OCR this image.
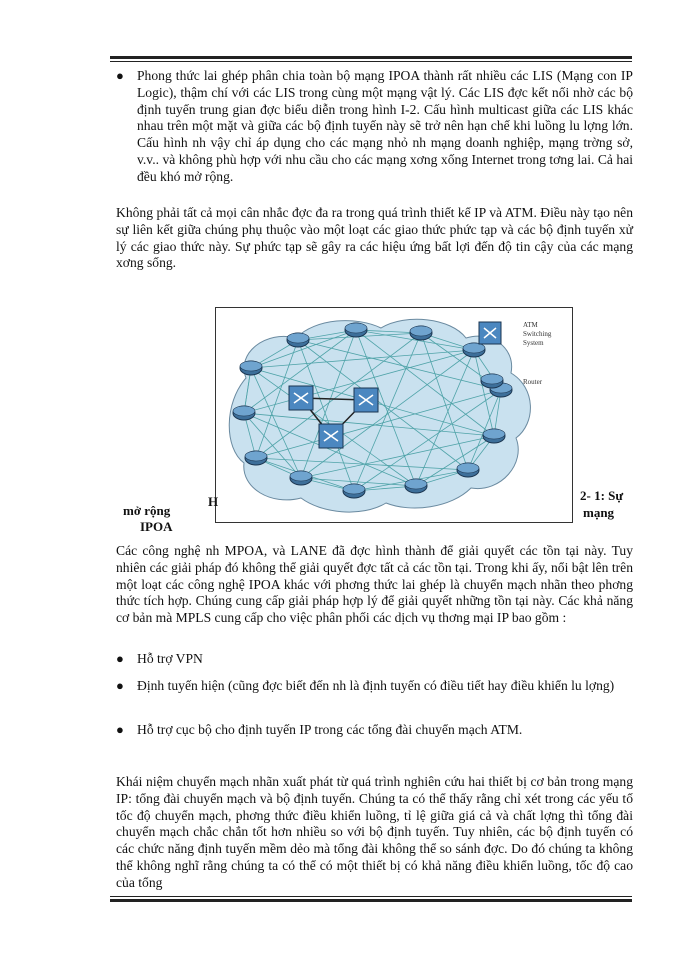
● Phong thức lai ghép phân chia toàn bộ mạng IPOA thành rất nhiều các LIS (Mạng con IP Logic), thậm chí với các LIS trong cùng một mạng vật lý. Các LIS đợc kết nối nhờ các bộ định tuyến trung gian đợc biểu diễn trong hình I-2. Cấu hình multicast giữa các LIS khác nhau trên một mặt và giữa các bộ định tuyến này sẽ trở nên hạn chế khi luồng lu lợng lớn. Cấu hình nh vậy chỉ áp dụng cho các mạng nhỏ nh mạng doanh nghiệp, mạng trờng sở, v.v.. và không phù hợp với nhu cầu cho các mạng xơng xống Internet trong tơng lai. Cả hai đều khó mở rộng.

Không phải tất cả mọi cân nhắc đợc đa ra trong quá trình thiết kế IP và ATM. Điều này tạo nên sự liên kết giữa chúng phụ thuộc vào một loạt các giao thức phức tạp và các bộ định tuyến xử lý các giao thức này. Sự phức tạp sẽ gây ra các hiệu ứng bất lợi đến độ tin cậy của các mạng xơng sống.

ATM
Switching
System
Router
H	2- 1: Sự
mạng
mở rộng
IPOA

Các công nghệ nh MPOA, và LANE đã đợc hình thành để giải quyết các tồn tại này. Tuy nhiên các giải pháp đó không thể giải quyết đợc tất cả các tồn tại. Trong khi ấy, nổi bật lên trên một loạt các công nghệ IPOA khác với phơng thức lai ghép là chuyển mạch nhãn theo phơng thức tích hợp. Chúng cung cấp giải pháp hợp lý để giải quyết những tồn tại này. Các khả năng cơ bản mà MPLS cung cấp cho việc phân phối các dịch vụ thơng mại IP bao gồm :

● Hỗ trợ VPN

● Định tuyến hiện (cũng đợc biết đến nh là định tuyến có điều tiết hay điều khiển lu lợng)

● Hỗ trợ cục bộ cho định tuyến IP trong các tổng đài chuyển mạch ATM.

Khái niệm chuyển mạch nhãn xuất phát từ quá trình nghiên cứu hai thiết bị cơ bản trong mạng IP: tổng đài chuyển mạch và bộ định tuyến. Chúng ta có thể thấy rằng chỉ xét trong các yếu tố tốc độ chuyển mạch, phơng thức điều khiển luồng, tỉ lệ giữa giá cả và chất lợng thì tổng đài chuyển mạch chắc chắn tốt hơn nhiều so với bộ định tuyến. Tuy nhiên, các bộ định tuyến có các chức năng định tuyến mềm dẻo mà tổng đài không thể so sánh đợc. Do đó chúng ta không thể không nghĩ rằng chúng ta có thể có một thiết bị có khả năng điều khiển luồng, tốc độ cao của tổng
